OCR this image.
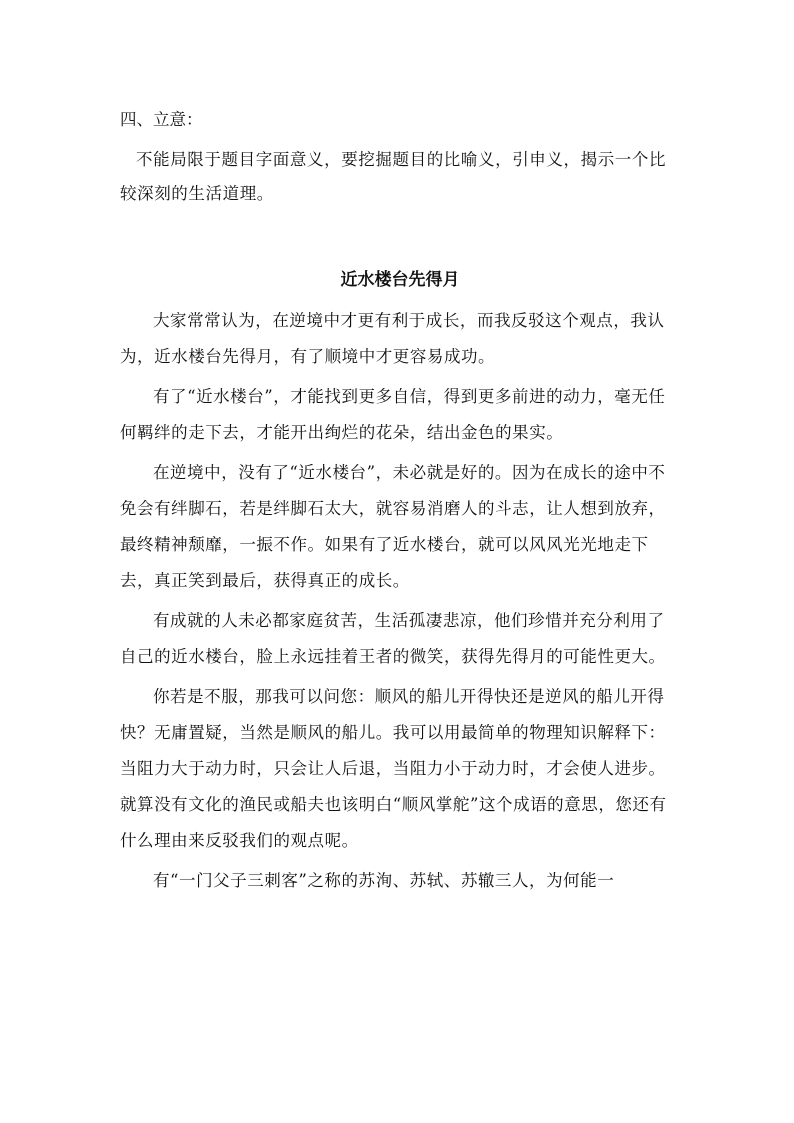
四、立意：

不能局限于题目字面意义，要挖掘题目的比喻义，引申义，揭示一个比较深刻的生活道理。

近水楼台先得月

大家常常认为，在逆境中才更有利于成长，而我反驳这个观点，我认为，近水楼台先得月，有了顺境中才更容易成功。

有了“近水楼台”，才能找到更多自信，得到更多前进的动力，毫无任何羁绊的走下去，才能开出绚烂的花朵，结出金色的果实。

在逆境中，没有了“近水楼台”，未必就是好的。因为在成长的途中不免会有绊脚石，若是绊脚石太大，就容易消磨人的斗志，让人想到放弃，最终精神颓靡，一振不作。如果有了近水楼台，就可以风风光光地走下去，真正笑到最后，获得真正的成长。

有成就的人未必都家庭贫苦，生活孤凄悲凉，他们珍惜并充分利用了自己的近水楼台，脸上永远挂着王者的微笑，获得先得月的可能性更大。

你若是不服，那我可以问您：顺风的船儿开得快还是逆风的船儿开得快？无庸置疑，当然是顺风的船儿。我可以用最简单的物理知识解释下：当阻力大于动力时，只会让人后退，当阻力小于动力时，才会使人进步。就算没有文化的渔民或船夫也该明白“顺风掌舵”这个成语的意思，您还有什么理由来反驳我们的观点呢。

有“一门父子三刺客”之称的苏洵、苏轼、苏辙三人，为何能一
